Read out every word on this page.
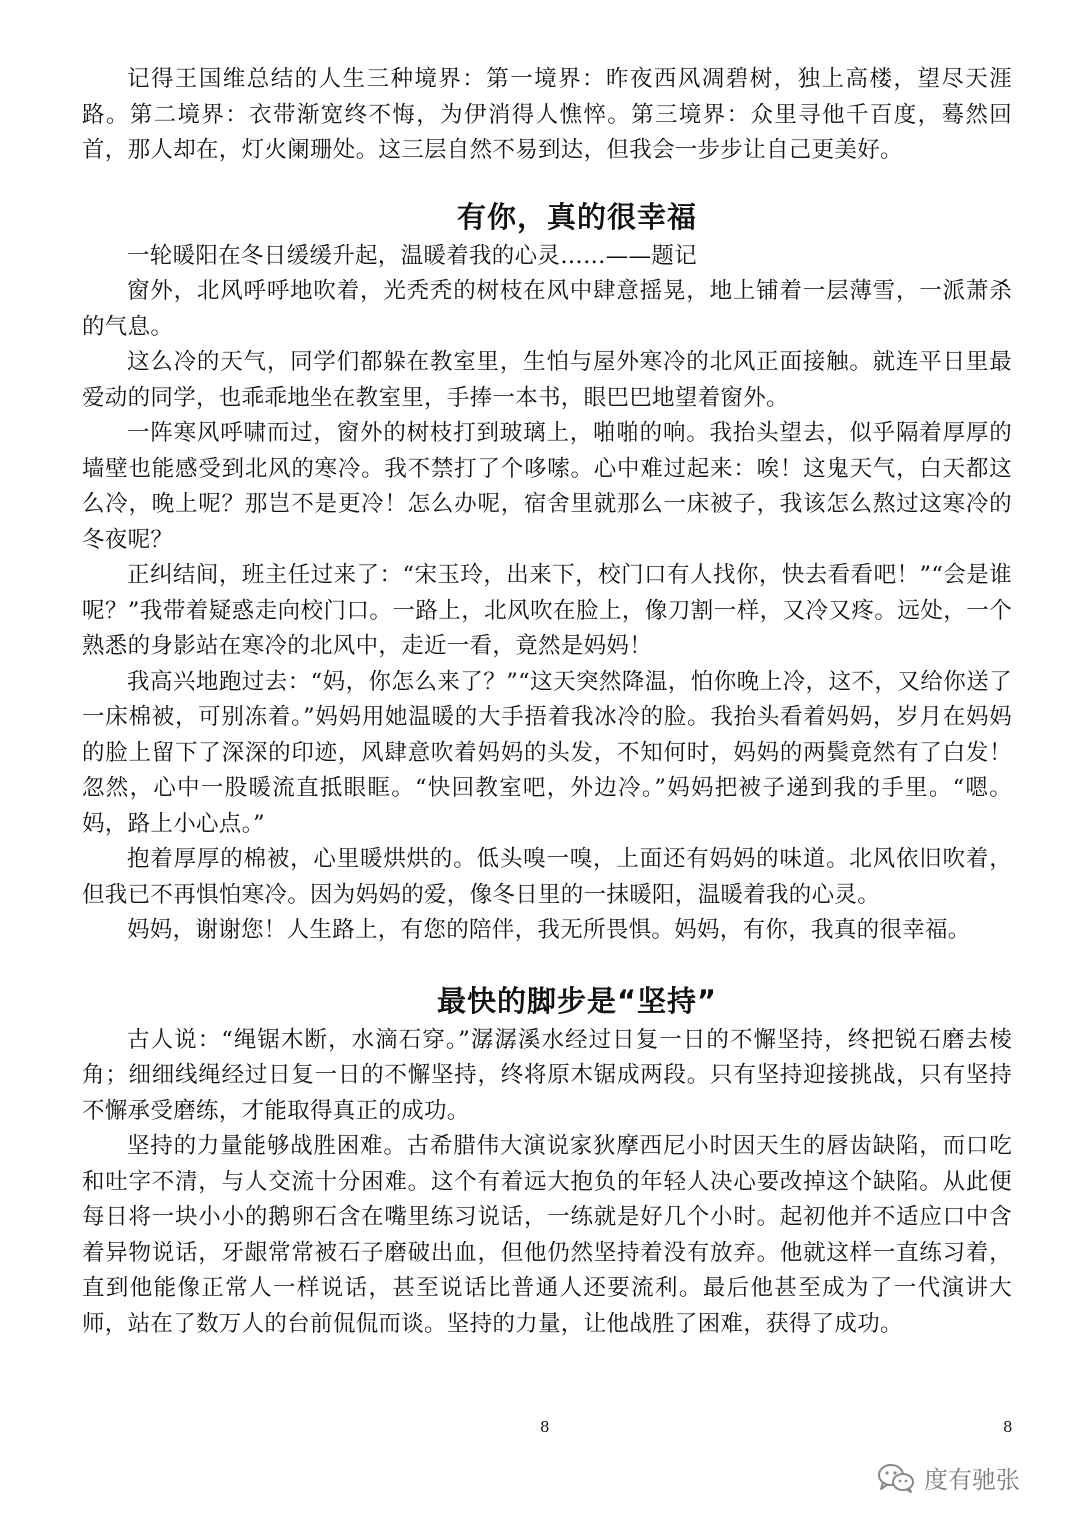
记得王国维总结的人生三种境界：第一境界：昨夜西风凋碧树，独上高楼，望尽天涯路。第二境界：衣带渐宽终不悔，为伊消得人憔悴。第三境界：众里寻他千百度，蓦然回首，那人却在，灯火阑珊处。这三层自然不易到达，但我会一步步让自己更美好。

有你，真的很幸福

一轮暖阳在冬日缓缓升起，温暖着我的心灵……——题记

窗外，北风呼呼地吹着，光秃秃的树枝在风中肆意摇晃，地上铺着一层薄雪，一派萧杀的气息。

这么冷的天气，同学们都躲在教室里，生怕与屋外寒冷的北风正面接触。就连平日里最爱动的同学，也乖乖地坐在教室里，手捧一本书，眼巴巴地望着窗外。

一阵寒风呼啸而过，窗外的树枝打到玻璃上，啪啪的响。我抬头望去，似乎隔着厚厚的墙壁也能感受到北风的寒冷。我不禁打了个哆嗦。心中难过起来：唉！这鬼天气，白天都这么冷，晚上呢？那岂不是更冷！怎么办呢，宿舍里就那么一床被子，我该怎么熬过这寒冷的冬夜呢？

正纠结间，班主任过来了：“宋玉玲，出来下，校门口有人找你，快去看看吧！”“会是谁呢？”我带着疑惑走向校门口。一路上，北风吹在脸上，像刀割一样，又冷又疼。远处，一个熟悉的身影站在寒冷的北风中，走近一看，竟然是妈妈！

我高兴地跑过去：“妈，你怎么来了？”“这天突然降温，怕你晚上冷，这不，又给你送了一床棉被，可别冻着。”妈妈用她温暖的大手捂着我冰冷的脸。我抬头看着妈妈，岁月在妈妈的脸上留下了深深的印迹，风肆意吹着妈妈的头发，不知何时，妈妈的两鬓竟然有了白发！忽然，心中一股暖流直抵眼眶。“快回教室吧，外边冷。”妈妈把被子递到我的手里。“嗯。妈，路上小心点。”

抱着厚厚的棉被，心里暖烘烘的。低头嗅一嗅，上面还有妈妈的味道。北风依旧吹着，但我已不再惧怕寒冷。因为妈妈的爱，像冬日里的一抹暖阳，温暖着我的心灵。

妈妈，谢谢您！人生路上，有您的陪伴，我无所畏惧。妈妈，有你，我真的很幸福。

最快的脚步是“坚持”

古人说：“绳锯木断，水滴石穿。”潺潺溪水经过日复一日的不懈坚持，终把锐石磨去棱角；细细线绳经过日复一日的不懈坚持，终将原木锯成两段。只有坚持迎接挑战，只有坚持不懈承受磨练，才能取得真正的成功。

坚持的力量能够战胜困难。古希腊伟大演说家狄摩西尼小时因天生的唇齿缺陷，而口吃和吐字不清，与人交流十分困难。这个有着远大抱负的年轻人决心要改掉这个缺陷。从此便每日将一块小小的鹅卵石含在嘴里练习说话，一练就是好几个小时。起初他并不适应口中含着异物说话，牙龈常常被石子磨破出血，但他仍然坚持着没有放弃。他就这样一直练习着，直到他能像正常人一样说话，甚至说话比普通人还要流利。最后他甚至成为了一代演讲大师，站在了数万人的台前侃侃而谈。坚持的力量，让他战胜了困难，获得了成功。

8	8
度有驰张
